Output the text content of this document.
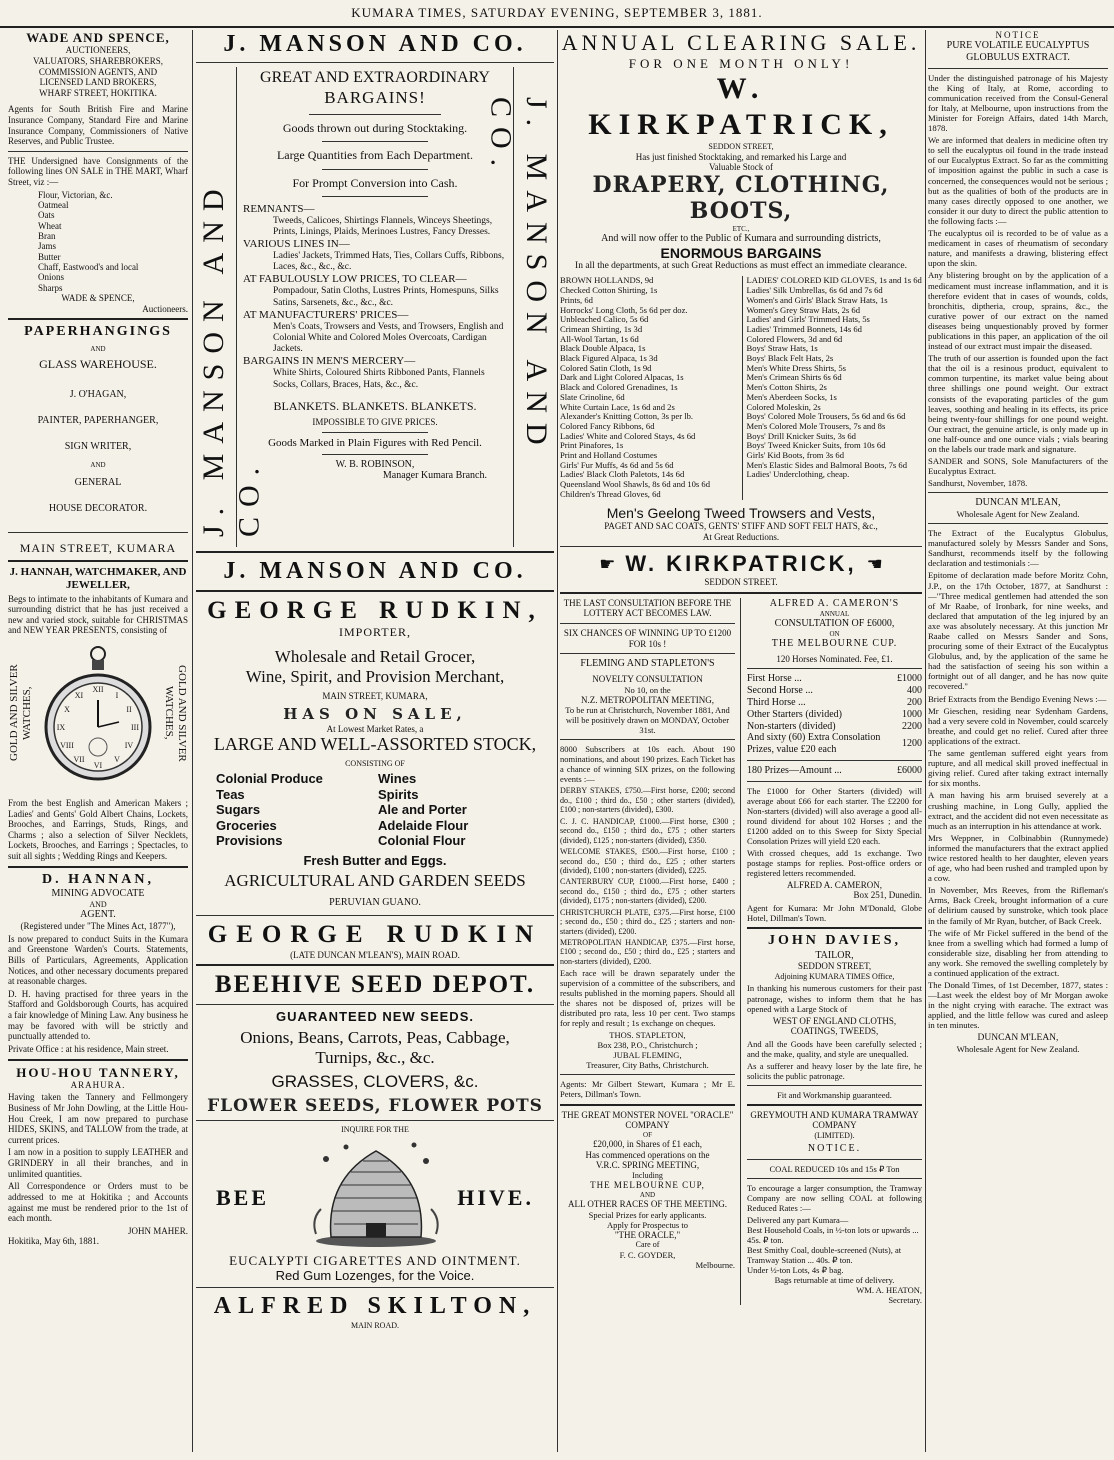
KUMARA TIMES, SATURDAY EVENING, SEPTEMBER 3, 1881.
WADE AND SPENCE,
AUCTIONEERS,
VALUATORS, SHAREBROKERS, COMMISSION AGENTS, AND
LICENSED LAND BROKERS,
WHARF STREET, HOKITIKA.

Agents for South British Fire and Marine Insurance Company, Standard Fire and Marine Insurance Company, Commissioners of Native Reserves, and Public Trustee.

THE Undersigned have Consignments of the following lines ON SALE in THE MART, Wharf Street, viz :—

Flour, Victorian, &c.
Oatmeal
Oats
Wheat
Bran
Jams
Butter
Chaff, Eastwood's and local
Onions
Sharps
WADE & SPENCE,
Auctioneers.
PAPERHANGINGS
AND
GLASS WAREHOUSE.
J. O'HAGAN,
PAINTER, PAPERHANGER,
SIGN WRITER,
AND
GENERAL
HOUSE DECORATOR.
MAIN STREET, KUMARA
J. HANNAH, WATCHMAKER, AND JEWELLER,

Begs to intimate to the inhabitants of Kumara and surrounding district that he has just received a new and varied stock, suitable for CHRISTMAS and NEW YEAR PRESENTS, consisting of

GOLD AND SILVER WATCHES,	GOLD AND SILVER WATCHES,
XII
III
VI
IX
I
II
IV
V
VII
VIII
X
XI

From the best English and American Makers ; Ladies' and Gents' Gold Albert Chains, Lockets, Brooches, and Earrings, Studs, Rings, and Charms ; also a selection of Silver Necklets, Lockets, Brooches, and Earrings ; Spectacles, to suit all sights ; Wedding Rings and Keepers.

D. HANNAN,
MINING ADVOCATE
AND
AGENT.
(Registered under "The Mines Act, 1877"),

Is now prepared to conduct Suits in the Kumara and Greenstone Warden's Courts. Statements, Bills of Particulars, Agreements, Application Notices, and other necessary documents prepared at reasonable charges.

D. H. having practised for three years in the Stafford and Goldsborough Courts, has acquired a fair knowledge of Mining Law. Any business he may be favored with will be strictly and punctually attended to.

Private Office : at his residence, Main street.

HOU-HOU TANNERY,
ARAHURA.

Having taken the Tannery and Fellmongery Business of Mr John Dowling, at the Little Hou-Hou Creek, I am now prepared to purchase HIDES, SKINS, and TALLOW from the trade, at current prices.

I am now in a position to supply LEATHER and GRINDERY in all their branches, and in unlimited quantities.

All Correspondence or Orders must to be addressed to me at Hokitika ; and Accounts against me must be rendered prior to the 1st of each month.

JOHN MAHER.
Hokitika, May 6th, 1881.
J. MANSON AND CO.
J. MANSON AND CO.
J. MANSON AND CO.
GREAT AND EXTRAORDINARY
BARGAINS!
Goods thrown out during Stocktaking.
Large Quantities from Each Department.
For Prompt Conversion into Cash.
REMNANTS—
Tweeds, Calicoes, Shirtings Flannels, Winceys Sheetings, Prints, Linings, Plaids, Merinoes Lustres, Fancy Dresses.
VARIOUS LINES IN—
Ladies' Jackets, Trimmed Hats, Ties, Collars Cuffs, Ribbons, Laces, &c., &c., &c.
AT FABULOUSLY LOW PRICES, TO CLEAR—
Pompadour, Satin Cloths, Lustres Prints, Homespuns, Silks Satins, Sarsenets, &c., &c., &c.
AT MANUFACTURERS' PRICES—
Men's Coats, Trowsers and Vests, and Trowsers, English and Colonial White and Colored Moles Overcoats, Cardigan Jackets.
BARGAINS IN MEN'S MERCERY—
White Shirts, Coloured Shirts Ribboned Pants, Flannels Socks, Collars, Braces, Hats, &c., &c.
BLANKETS. BLANKETS. BLANKETS.
IMPOSSIBLE TO GIVE PRICES.
Goods Marked in Plain Figures with Red Pencil.
W. B. ROBINSON,
Manager Kumara Branch.
J. MANSON AND CO.
GEORGE RUDKIN,
IMPORTER,
Wholesale and Retail Grocer,
Wine, Spirit, and Provision Merchant,
MAIN STREET, KUMARA,
HAS ON SALE,
At Lowest Market Rates, a
LARGE AND WELL-ASSORTED STOCK,
CONSISTING OF
Colonial Produce
Teas
Sugars
Groceries
Provisions
Wines
Spirits
Ale and Porter
Adelaide Flour
Colonial Flour
Fresh Butter and Eggs.
AGRICULTURAL AND GARDEN SEEDS
PERUVIAN GUANO.
GEORGE RUDKIN
(LATE DUNCAN M'LEAN'S), MAIN ROAD.
BEEHIVE SEED DEPOT.
GUARANTEED NEW SEEDS.
Onions, Beans, Carrots, Peas, Cabbage,
Turnips, &c., &c.
GRASSES, CLOVERS, &c.
FLOWER SEEDS, FLOWER POTS
INQUIRE FOR THE
BEE	HIVE.
EUCALYPTI CIGARETTES AND OINTMENT.
Red Gum Lozenges, for the Voice.
ALFRED SKILTON,
MAIN ROAD.
ANNUAL CLEARING SALE.
FOR ONE MONTH ONLY!
W. KIRKPATRICK,
SEDDON STREET,
Has just finished Stocktaking, and remarked his Large and Valuable Stock of
DRAPERY, CLOTHING, BOOTS,
ETC.,
And will now offer to the Public of Kumara and surrounding districts,
ENORMOUS BARGAINS
In all the departments, at such Great Reductions as must effect an immediate clearance.
BROWN HOLLANDS, 9d
Checked Cotton Shirting, 1s
Prints, 6d
Horrocks' Long Cloth, 5s 6d per doz.
Unbleached Calico, 5s 6d
Crimean Shirting, 1s 3d
All-Wool Tartan, 1s 6d
Black Double Alpaca, 1s
Black Figured Alpaca, 1s 3d
Colored Satin Cloth, 1s 9d
Dark and Light Colored Alpacas, 1s
Black and Colored Grenadines, 1s
Slate Crinoline, 6d
White Curtain Lace, 1s 6d and 2s
Alexander's Knitting Cotton, 3s per lb.
Colored Fancy Ribbons, 6d
Ladies' White and Colored Stays, 4s 6d
Print Pinafores, 1s
Print and Holland Costumes
Girls' Fur Muffs, 4s 6d and 5s 6d
Ladies' Black Cloth Paletots, 14s 6d
Queensland Wool Shawls, 8s 6d and 10s 6d
Children's Thread Gloves, 6d
LADIES' COLORED KID GLOVES, 1s and 1s 6d
Ladies' Silk Umbrellas, 6s 6d and 7s 6d
Women's and Girls' Black Straw Hats, 1s
Women's Grey Straw Hats, 2s 6d
Ladies' and Girls' Trimmed Hats, 5s
Ladies' Trimmed Bonnets, 14s 6d
Colored Flowers, 3d and 6d
Boys' Straw Hats, 1s
Boys' Black Felt Hats, 2s
Men's White Dress Shirts, 5s
Men's Crimean Shirts 6s 6d
Men's Cotton Shirts, 2s
Men's Aberdeen Socks, 1s
Colored Moleskin, 2s
Boys' Colored Mole Trousers, 5s 6d and 6s 6d
Men's Colored Mole Trousers, 7s and 8s
Boys' Drill Knicker Suits, 3s 6d
Boys' Tweed Knicker Suits, from 10s 6d
Girls' Kid Boots, from 3s 6d
Men's Elastic Sides and Balmoral Boots, 7s 6d
Ladies' Underclothing, cheap.
Men's Geelong Tweed Trowsers and Vests,
PAGET AND SAC COATS, GENTS' STIFF AND SOFT FELT HATS, &c.,
At Great Reductions.
☛ W. KIRKPATRICK, ☚
SEDDON STREET.
THE LAST CONSULTATION BEFORE THE LOTTERY ACT BECOMES LAW.
SIX CHANCES OF WINNING UP TO £1200 FOR 10s !
FLEMING AND STAPLETON'S
NOVELTY CONSULTATION
No 10, on the
N.Z. METROPOLITAN MEETING,
To be run at Christchurch, November 1881, And will be positively drawn on MONDAY, October 31st.

8000 Subscribers at 10s each. About 190 nominations, and about 190 prizes. Each Ticket has a chance of winning SIX prizes, on the following events :—

DERBY STAKES, £750.—First horse, £200; second do., £100 ; third do., £50 ; other starters (divided), £100 ; non-starters (divided), £300.

C. J. C. HANDICAP, £1000.—First horse, £300 ; second do., £150 ; third do., £75 ; other starters (divided), £125 ; non-starters (divided), £350.

WELCOME STAKES, £500.—First horse, £100 ; second do., £50 ; third do., £25 ; other starters (divided), £100 ; non-starters (divided), £225.

CANTERBURY CUP, £1000.—First horse, £400 ; second do., £150 ; third do., £75 ; other starters (divided), £175 ; non-starters (divided), £200.

CHRISTCHURCH PLATE, £375.—First horse, £100 ; second do., £50 ; third do., £25 ; starters and non-starters (divided), £200.

METROPOLITAN HANDICAP, £375.—First horse, £100 ; second do., £50 ; third do., £25 ; starters and non-starters (divided), £200.

Each race will be drawn separately under the supervision of a committee of the subscribers, and results published in the morning papers. Should all the shares not be disposed of, prizes will be distributed pro rata, less 10 per cent. Two stamps for reply and result ; 1s exchange on cheques.

THOS. STAPLETON,
Box 238, P.O., Christchurch ;
JUBAL FLEMING,
Treasurer, City Baths, Christchurch.

Agents: Mr Gilbert Stewart, Kumara ; Mr E. Peters, Dillman's Town.

THE GREAT MONSTER NOVEL "ORACLE" COMPANY
OF
£20,000, in Shares of £1 each,
Has commenced operations on the
V.R.C. SPRING MEETING,
Including
THE MELBOURNE CUP,
AND
ALL OTHER RACES OF THE MEETING.
Special Prizes for early applicants.
Apply for Prospectus to
"THE ORACLE,"
Care of
F. C. GOYDER,
Melbourne.
ALFRED A. CAMERON'S
ANNUAL
CONSULTATION OF £6000,
ON
THE MELBOURNE CUP.
120 Horses Nominated. Fee, £1.
First Horse ...	£1000
Second Horse ...	400
Third Horse ...	200
Other Starters (divided)	1000
Non-starters (divided)	2200
And sixty (60) Extra Consolation Prizes, value £20 each	1200
180 Prizes—Amount ...	£6000

The £1000 for Other Starters (divided) will average about £66 for each starter. The £2200 for Non-starters (divided) will also average a good all-round dividend for about 102 Horses ; and the £1200 added on to this Sweep for Sixty Special Consolation Prizes will yield £20 each.

With crossed cheques, add 1s exchange. Two postage stamps for replies. Post-office orders or registered letters recommended.

ALFRED A. CAMERON,
Box 251, Dunedin.

Agent for Kumara: Mr John M'Donald, Globe Hotel, Dillman's Town.

JOHN DAVIES,
TAILOR,
SEDDON STREET,
Adjoining KUMARA TIMES Office,

In thanking his numerous customers for their past patronage, wishes to inform them that he has opened with a Large Stock of

WEST OF ENGLAND CLOTHS,
COATINGS, TWEEDS,

And all the Goods have been carefully selected ; and the make, quality, and style are unequalled.

As a sufferer and heavy loser by the late fire, he solicits the public patronage.

Fit and Workmanship guaranteed.
GREYMOUTH AND KUMARA TRAMWAY COMPANY
(LIMITED).
NOTICE.
COAL REDUCED 10s and 15s ₽ Ton

To encourage a larger consumption, the Tramway Company are now selling COAL at following Reduced Rates :—

Delivered any part Kumara—
Best Household Coals, in ½-ton lots or upwards ... 45s. ₽ ton.
Best Smithy Coal, double-screened (Nuts), at Tramway Station ... 40s. ₽ ton.
Under ½-ton Lots, 4s ₽ bag.
Bags returnable at time of delivery.
WM. A. HEATON,
Secretary.
NOTICE
PURE VOLATILE EUCALYPTUS GLOBULUS EXTRACT.

Under the distinguished patronage of his Majesty the King of Italy, at Rome, according to communication received from the Consul-General for Italy, at Melbourne, upon instructions from the Minister for Foreign Affairs, dated 14th March, 1878.

We are informed that dealers in medicine often try to sell the eucalyptus oil found in the trade instead of our Eucalyptus Extract. So far as the committing of imposition against the public in such a case is concerned, the consequences would not be serious ; but as the qualities of both of the products are in many cases directly opposed to one another, we consider it our duty to direct the public attention to the following facts :—

The eucalyptus oil is recorded to be of value as a medicament in cases of rheumatism of secondary nature, and manifests a drawing, blistering effect upon the skin.

Any blistering brought on by the application of a medicament must increase inflammation, and it is therefore evident that in cases of wounds, colds, bronchitis, diptheria, croup, sprains, &c., the curative power of our extract on the named diseases being unquestionably proved by former publications in this paper, an application of the oil instead of our extract must impair the diseased.

The truth of our assertion is founded upon the fact that the oil is a resinous product, equivalent to common turpentine, its market value being about three shillings one pound weight. Our extract consists of the evaporating particles of the gum leaves, soothing and healing in its effects, its price being twenty-four shillings for one pound weight. Our extract, the genuine article, is only made up in one half-ounce and one ounce vials ; vials bearing on the labels our trade mark and signature.

SANDER and SONS, Sole Manufacturers of the Eucalyptus Extract.

Sandhurst, November, 1878.

DUNCAN M'LEAN,
Wholesale Agent for New Zealand.

The Extract of the Eucalyptus Globulus, manufactured solely by Messrs Sander and Sons, Sandhurst, recommends itself by the following declaration and testimonials :—

Epitome of declaration made before Moritz Cohn, J.P., on the 17th October, 1877, at Sandhurst :—"Three medical gentlemen had attended the son of Mr Raabe, of Ironbark, for nine weeks, and declared that amputation of the leg injured by an axe was absolutely necessary. At this junction Mr Raabe called on Messrs Sander and Sons, procuring some of their Extract of the Eucalyptus Globulus, and, by the application of the same he had the satisfaction of seeing his son within a fortnight out of all danger, and he has now quite recovered."

Brief Extracts from the Bendigo Evening News :—

Mr Gieschen, residing near Sydenham Gardens, had a very severe cold in November, could scarcely breathe, and could get no relief. Cured after three applications of the extract.

The same gentleman suffered eight years from rupture, and all medical skill proved ineffectual in giving relief. Cured after taking extract internally for six months.

A man having his arm bruised severely at a crushing machine, in Long Gully, applied the extract, and the accident did not even necessitate as much as an interruption in his attendance at work.

Mrs Weppner, in Colbinabbin (Runnymede) informed the manufacturers that the extract applied twice restored health to her daughter, eleven years of age, who had been rushed and trampled upon by a cow.

In November, Mrs Reeves, from the Rifleman's Arms, Back Creek, brought information of a cure of delirium caused by sunstroke, which took place in the family of Mr Ryan, butcher, of Back Creek.

The wife of Mr Fickel suffered in the bend of the knee from a swelling which had formed a lump of considerable size, disabling her from attending to any work. She removed the swelling completely by a continued application of the extract.

The Donald Times, of 1st December, 1877, states :—Last week the eldest boy of Mr Morgan awoke in the night crying with earache. The extract was applied, and the little fellow was cured and asleep in ten minutes.

DUNCAN M'LEAN,
Wholesale Agent for New Zealand.
